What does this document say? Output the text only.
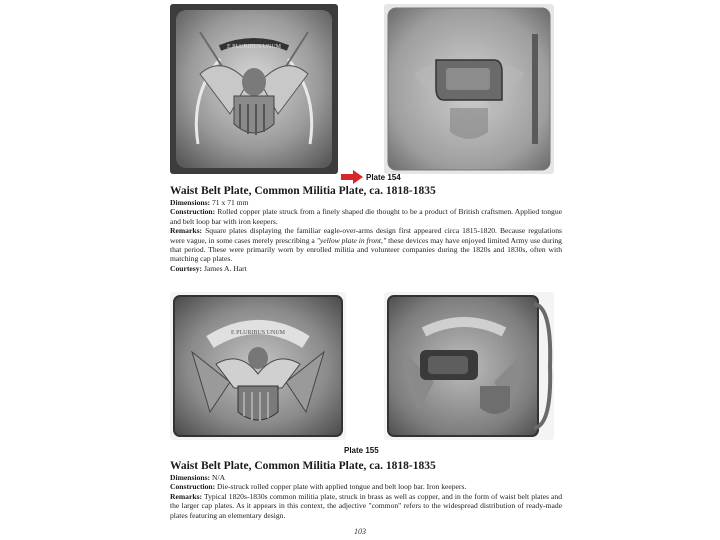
E PLURIBUS UNUM
Plate 154
Waist Belt Plate, Common Militia Plate, ca. 1818-1835

Dimensions: 71 x 71 mm

Construction: Rolled copper plate struck from a finely shaped die thought to be a product of British craftsmen. Applied tongue and belt loop bar with iron keepers.

Remarks: Square plates displaying the familiar eagle-over-arms design first appeared circa 1815-1820. Because regulations were vague, in some cases merely prescribing a "yellow plate in front," these devices may have enjoyed limited Army use during that period. These were primarily worn by enrolled militia and volunteer companies during the 1820s and 1830s, often with matching cap plates.

Courtesy: James A. Hart

E PLURIBUS UNUM
Plate 155
Waist Belt Plate, Common Militia Plate, ca. 1818-1835

Dimensions: N/A

Construction: Die-struck rolled copper plate with applied tongue and belt loop bar. Iron keepers.

Remarks: Typical 1820s-1830s common militia plate, struck in brass as well as copper, and in the form of waist belt plates and the larger cap plates. As it appears in this context, the adjective "common" refers to the widespread distribution of ready-made plates featuring an elementary design.

103
